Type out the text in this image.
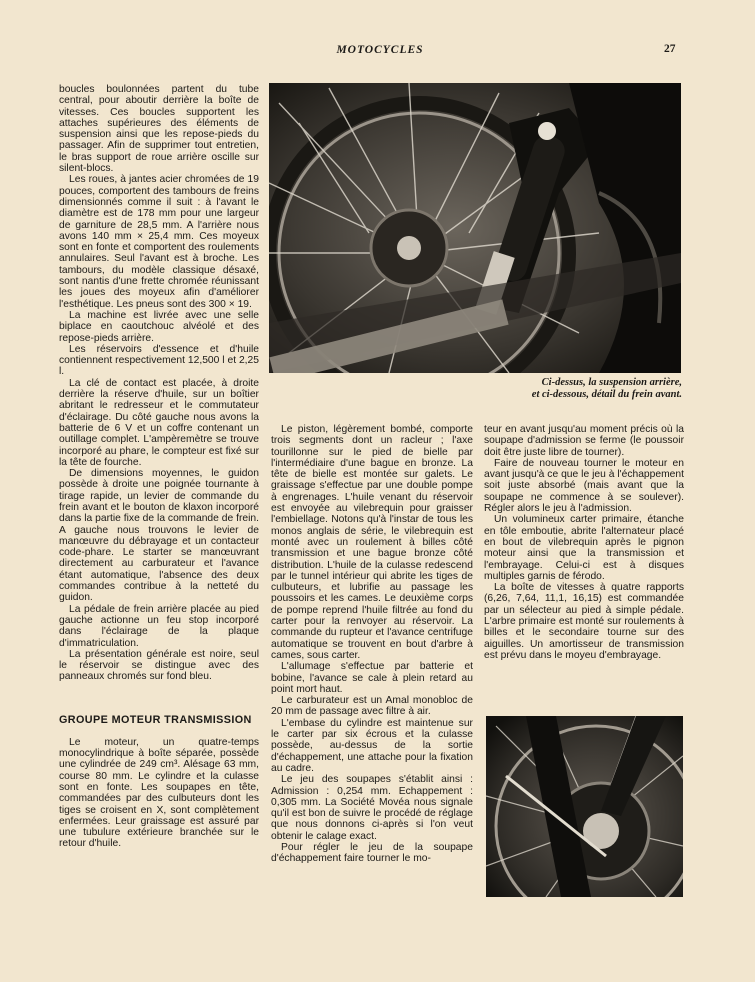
MOTOCYCLES	27

boucles boulonnées partent du tube central, pour aboutir derrière la boîte de vitesses. Ces boucles supportent les attaches supérieures des éléments de suspension ainsi que les repose-pieds du passager. Afin de supprimer tout entretien, le bras support de roue arrière oscille sur silent-blocs.

Les roues, à jantes acier chromées de 19 pouces, comportent des tambours de freins dimensionnés comme il suit : à l'avant le diamètre est de 178 mm pour une largeur de garniture de 28,5 mm. A l'arrière nous avons 140 mm × 25,4 mm. Ces moyeux sont en fonte et comportent des roulements annulaires. Seul l'avant est à broche. Les tambours, du modèle classique désaxé, sont nantis d'une frette chromée réunissant les joues des moyeux afin d'améliorer l'esthétique. Les pneus sont des 300 × 19.

La machine est livrée avec une selle biplace en caoutchouc alvéolé et des repose-pieds arrière.

Les réservoirs d'essence et d'huile contiennent respectivement 12,500 l et 2,25 l.

La clé de contact est placée, à droite derrière la réserve d'huile, sur un boîtier abritant le redresseur et le commutateur d'éclairage. Du côté gauche nous avons la batterie de 6 V et un coffre contenant un outillage complet. L'ampèremètre se trouve incorporé au phare, le compteur est fixé sur la tête de fourche.

De dimensions moyennes, le guidon possède à droite une poignée tournante à tirage rapide, un levier de commande du frein avant et le bouton de klaxon incorporé dans la partie fixe de la commande de frein. A gauche nous trouvons le levier de manœuvre du débrayage et un contacteur code-phare. Le starter se manœuvrant directement au carburateur et l'avance étant automatique, l'absence des deux commandes contribue à la netteté du guidon.

La pédale de frein arrière placée au pied gauche actionne un feu stop incorporé dans l'éclairage de la plaque d'immatriculation.

La présentation générale est noire, seul le réservoir se distingue avec des panneaux chromés sur fond bleu.

GROUPE MOTEUR TRANSMISSION

Le moteur, un quatre-temps monocylindrique à boîte séparée, possède une cylindrée de 249 cm³. Alésage 63 mm, course 80 mm. Le cylindre et la culasse sont en fonte. Les soupapes en tête, commandées par des culbuteurs dont les tiges se croisent en X, sont complètement enfermées. Leur graissage est assuré par une tubulure extérieure branchée sur le retour d'huile.

Ci-dessus, la suspension arrière,
et ci-dessous, détail du frein avant.

Le piston, légèrement bombé, comporte trois segments dont un racleur ; l'axe tourillonne sur le pied de bielle par l'intermédiaire d'une bague en bronze. La tête de bielle est montée sur galets. Le graissage s'effectue par une double pompe à engrenages. L'huile venant du réservoir est envoyée au vilebrequin pour graisser l'embiellage. Notons qu'à l'instar de tous les monos anglais de série, le vilebrequin est monté avec un roulement à billes côté transmission et une bague bronze côté distribution. L'huile de la culasse redescend par le tunnel intérieur qui abrite les tiges de culbuteurs, et lubrifie au passage les poussoirs et les cames. Le deuxième corps de pompe reprend l'huile filtrée au fond du carter pour la renvoyer au réservoir. La commande du rupteur et l'avance centrifuge automatique se trouvent en bout d'arbre à cames, sous carter.

L'allumage s'effectue par batterie et bobine, l'avance se cale à plein retard au point mort haut.

Le carburateur est un Amal monobloc de 20 mm de passage avec filtre à air.

L'embase du cylindre est maintenue sur le carter par six écrous et la culasse possède, au-dessus de la sortie d'échappement, une attache pour la fixation au cadre.

Le jeu des soupapes s'établit ainsi : Admission : 0,254 mm. Echappement : 0,305 mm. La Société Movéa nous signale qu'il est bon de suivre le procédé de réglage que nous donnons ci-après si l'on veut obtenir le calage exact.

Pour régler le jeu de la soupape d'échappement faire tourner le mo-

teur en avant jusqu'au moment précis où la soupape d'admission se ferme (le poussoir doit être juste libre de tourner).

Faire de nouveau tourner le moteur en avant jusqu'à ce que le jeu à l'échappement soit juste absorbé (mais avant que la soupape ne commence à se soulever). Régler alors le jeu à l'admission.

Un volumineux carter primaire, étanche en tôle emboutie, abrite l'alternateur placé en bout de vilebrequin après le pignon moteur ainsi que la transmission et l'embrayage. Celui-ci est à disques multiples garnis de férodo.

La boîte de vitesses à quatre rapports (6,26, 7,64, 11,1, 16,15) est commandée par un sélecteur au pied à simple pédale. L'arbre primaire est monté sur roulements à billes et le secondaire tourne sur des aiguilles. Un amortisseur de transmission est prévu dans le moyeu d'embrayage.
